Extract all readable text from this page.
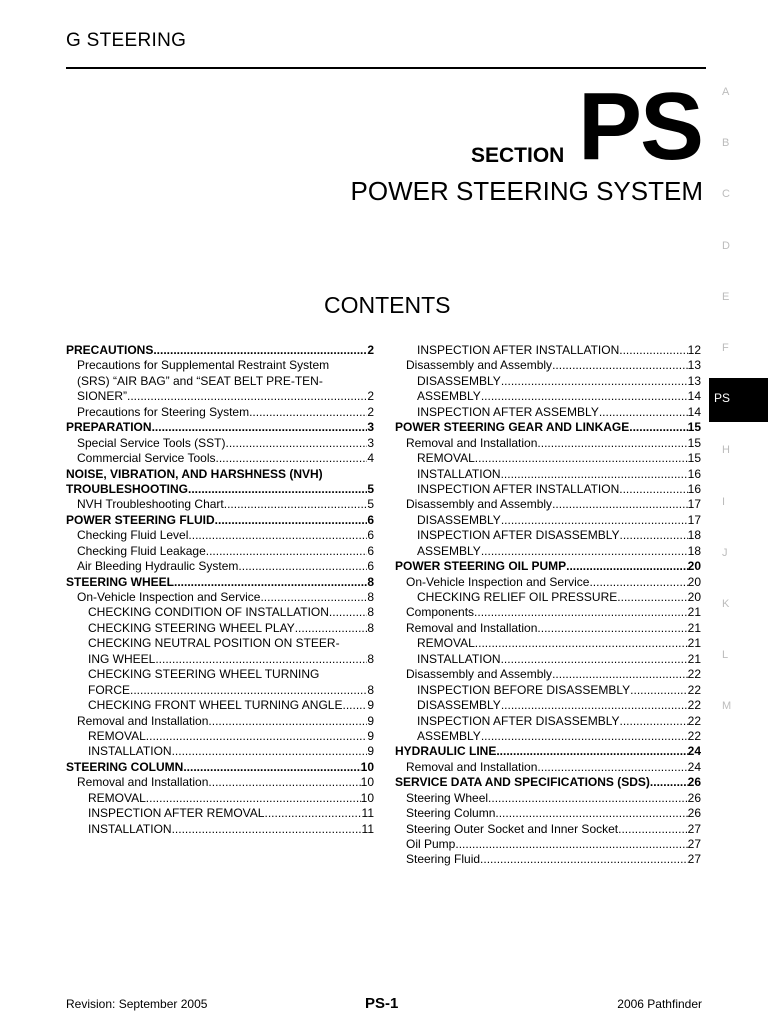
G STEERING
SECTION PS
POWER STEERING SYSTEM
CONTENTS
A
B
C
D
E
F
PS
H
I
J
K
L
M
PRECAUTIONS .....	2
Precautions for Supplemental Restraint System
(SRS) “AIR BAG” and “SEAT BELT PRE-TEN-
SIONER” .....	2
Precautions for Steering System .....	2
PREPARATION .....	3
Special Service Tools (SST) .....	3
Commercial Service Tools .....	4
NOISE, VIBRATION, AND HARSHNESS (NVH)
TROUBLESHOOTING .....	5
NVH Troubleshooting Chart .....	5
POWER STEERING FLUID .....	6
Checking Fluid Level .....	6
Checking Fluid Leakage .....	6
Air Bleeding Hydraulic System .....	6
STEERING WHEEL .....	8
On-Vehicle Inspection and Service .....	8
CHECKING CONDITION OF INSTALLATION .....	8
CHECKING STEERING WHEEL PLAY .....	8
CHECKING NEUTRAL POSITION ON STEER-
ING WHEEL .....	8
CHECKING STEERING WHEEL TURNING
FORCE .....	8
CHECKING FRONT WHEEL TURNING ANGLE ..... 9
Removal and Installation .....	9
REMOVAL .....	9
INSTALLATION .....	9
STEERING COLUMN .....	10
Removal and Installation .....	10
REMOVAL .....	10
INSPECTION AFTER REMOVAL .....	11
INSTALLATION .....	11
INSPECTION AFTER INSTALLATION .....	12
Disassembly and Assembly .....	13
DISASSEMBLY .....	13
ASSEMBLY .....	14
INSPECTION AFTER ASSEMBLY .....	14
POWER STEERING GEAR AND LINKAGE .....	15
Removal and Installation .....	15
REMOVAL .....	15
INSTALLATION .....	16
INSPECTION AFTER INSTALLATION .....	16
Disassembly and Assembly .....	17
DISASSEMBLY .....	17
INSPECTION AFTER DISASSEMBLY .....	18
ASSEMBLY .....	18
POWER STEERING OIL PUMP .....	20
On-Vehicle Inspection and Service .....	20
CHECKING RELIEF OIL PRESSURE .....	20
Components .....	21
Removal and Installation .....	21
REMOVAL .....	21
INSTALLATION .....	21
Disassembly and Assembly .....	22
INSPECTION BEFORE DISASSEMBLY .....	22
DISASSEMBLY .....	22
INSPECTION AFTER DISASSEMBLY .....	22
ASSEMBLY .....	22
HYDRAULIC LINE .....	24
Removal and Installation .....	24
SERVICE DATA AND SPECIFICATIONS (SDS) .....	26
Steering Wheel .....	26
Steering Column .....	26
Steering Outer Socket and Inner Socket .....	27
Oil Pump .....	27
Steering Fluid .....	27
Revision: September 2005	PS-1	2006 Pathfinder
